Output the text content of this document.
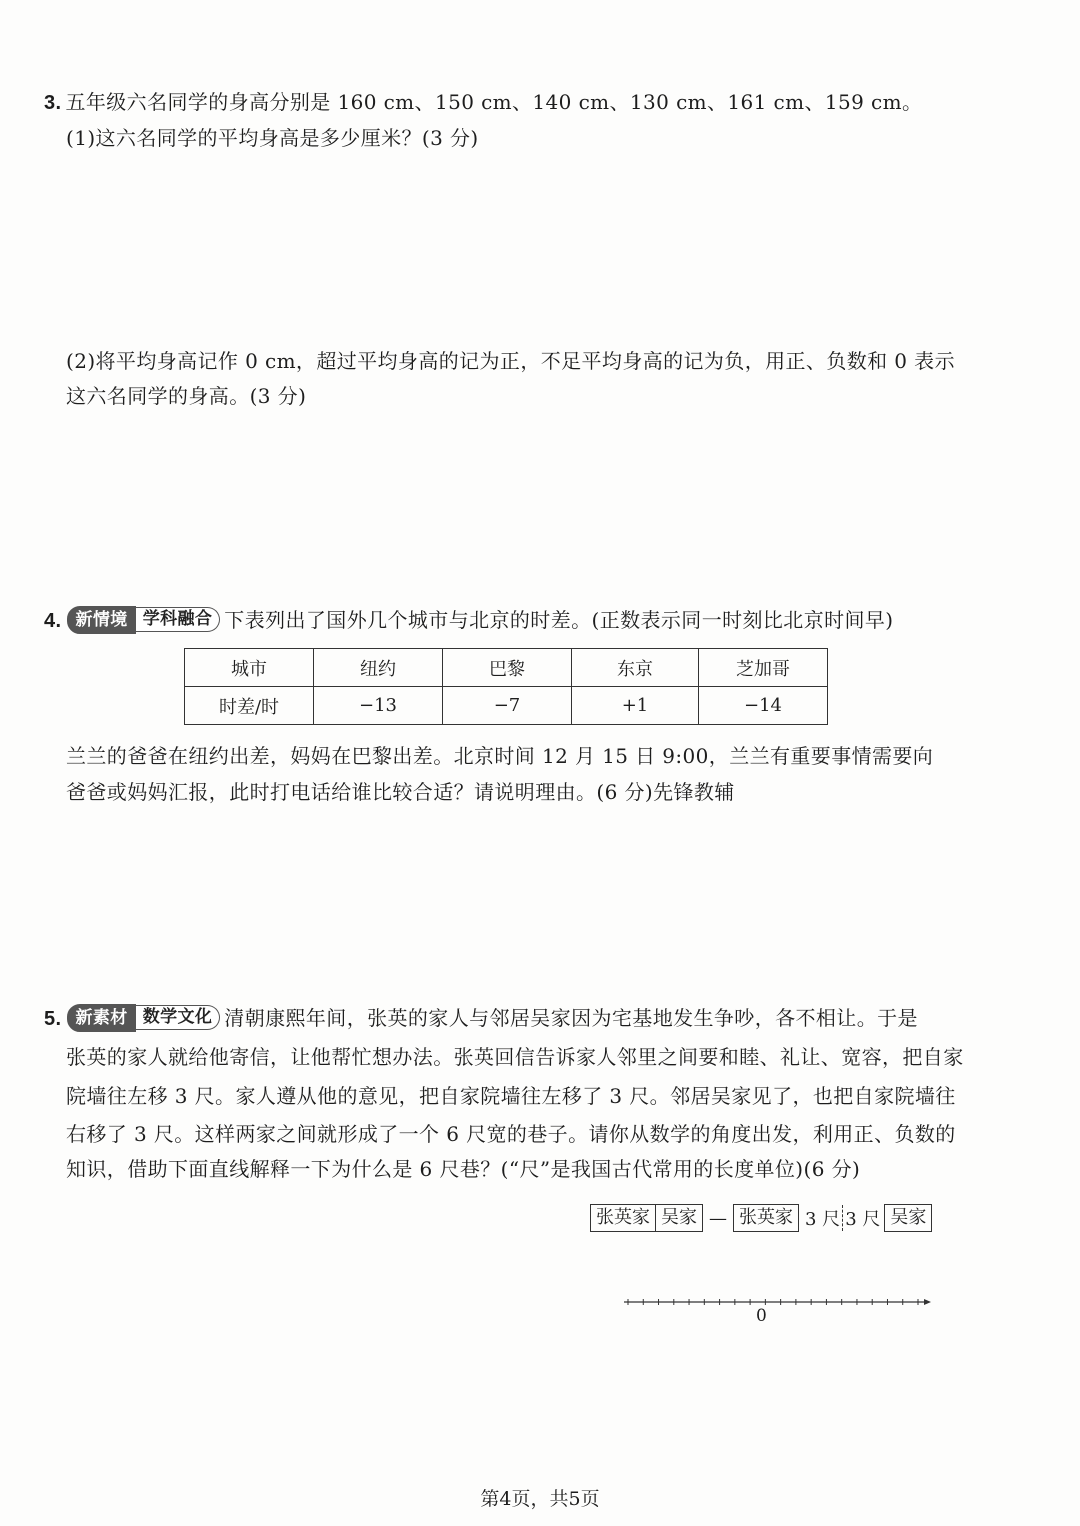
3. 五年级六名同学的身高分别是 160 cm、150 cm、140 cm、130 cm、161 cm、159 cm。
(1)这六名同学的平均身高是多少厘米？(3 分)
(2)将平均身高记作 0 cm，超过平均身高的记为正，不足平均身高的记为负，用正、负数和 0 表示
这六名同学的身高。(3 分)
4. 新情境 学科融合 下表列出了国外几个城市与北京的时差。(正数表示同一时刻比北京时间早)
城市	纽约	巴黎	东京	芝加哥
时差/时	−13	−7	+1	−14
兰兰的爸爸在纽约出差，妈妈在巴黎出差。北京时间 12 月 15 日 9:00，兰兰有重要事情需要向
爸爸或妈妈汇报，此时打电话给谁比较合适？请说明理由。(6 分)先锋教辅
5. 新素材 数学文化 清朝康熙年间，张英的家人与邻居吴家因为宅基地发生争吵，各不相让。于是
张英的家人就给他寄信，让他帮忙想办法。张英回信告诉家人邻里之间要和睦、礼让、宽容，把自家
院墙往左移 3 尺。家人遵从他的意见，把自家院墙往左移了 3 尺。邻居吴家见了，也把自家院墙往
右移了 3 尺。这样两家之间就形成了一个 6 尺宽的巷子。请你从数学的角度出发，利用正、负数的
知识，借助下面直线解释一下为什么是 6 尺巷？(“尺”是我国古代常用的长度单位)(6 分)
张英家 吴家 — 张英家 3 尺 3 尺 吴家
0
第4页，共5页
